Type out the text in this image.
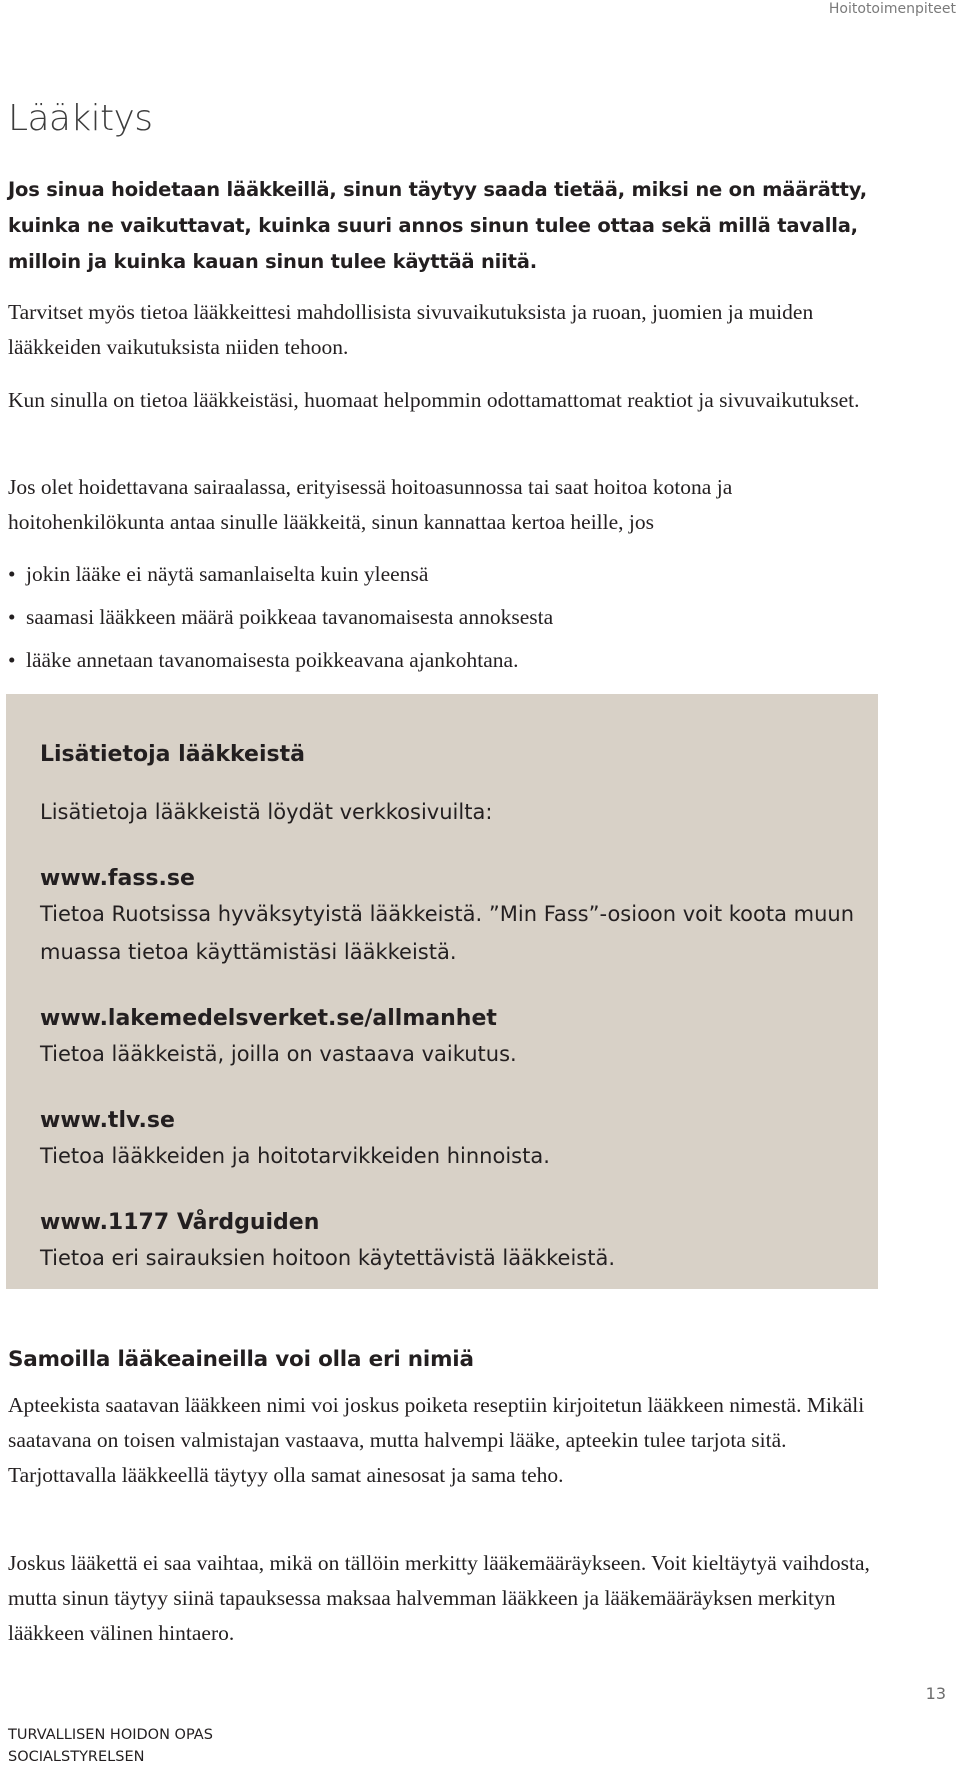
Hoitotoimenpiteet
Lääkitys
Jos sinua hoidetaan lääkkeillä, sinun täytyy saada tietää, miksi ne on määrätty, kuinka ne vaikuttavat, kuinka suuri annos sinun tulee ottaa sekä millä tavalla, milloin ja kuinka kauan sinun tulee käyttää niitä.
Tarvitset myös tietoa lääkkeittesi mahdollisista sivuvaikutuksista ja ruoan, juomien ja muiden lääkkeiden vaikutuksista niiden tehoon.
Kun sinulla on tietoa lääkkeistäsi, huomaat helpommin odottamattomat reaktiot ja sivuvaikutukset.
Jos olet hoidettavana sairaalassa, erityisessä hoitoasunnossa tai saat hoitoa kotona ja hoitohenkilökunta antaa sinulle lääkkeitä, sinun kannattaa kertoa heille, jos
• jokin lääke ei näytä samanlaiselta kuin yleensä
• saamasi lääkkeen määrä poikkeaa tavanomaisesta annoksesta
• lääke annetaan tavanomaisesta poikkeavana ajankohtana.
Lisätietoja lääkkeistä

Lisätietoja lääkkeistä löydät verkkosivuilta:

www.fass.se

Tietoa Ruotsissa hyväksytyistä lääkkeistä. ”Min Fass”-osioon voit koota muun muassa tietoa käyttämistäsi lääkkeistä.

www.lakemedelsverket.se/allmanhet

Tietoa lääkkeistä, joilla on vastaava vaikutus.

www.tlv.se

Tietoa lääkkeiden ja hoitotarvikkeiden hinnoista.

www.1177 Vårdguiden

Tietoa eri sairauksien hoitoon käytettävistä lääkkeistä.

Samoilla lääkeaineilla voi olla eri nimiä
Apteekista saatavan lääkkeen nimi voi joskus poiketa reseptiin kirjoitetun lääkkeen nimestä. Mikäli saatavana on toisen valmistajan vastaava, mutta halvempi lääke, apteekin tulee tarjota sitä. Tarjottavalla lääkkeellä täytyy olla samat ainesosat ja sama teho.
Joskus lääkettä ei saa vaihtaa, mikä on tällöin merkitty lääkemääräykseen. Voit kieltäytyä vaihdosta, mutta sinun täytyy siinä tapauksessa maksaa halvemman lääkkeen ja lääkemääräyksen merkityn lääkkeen välinen hintaero.
13
TURVALLISEN HOIDON OPAS
SOCIALSTYRELSEN
